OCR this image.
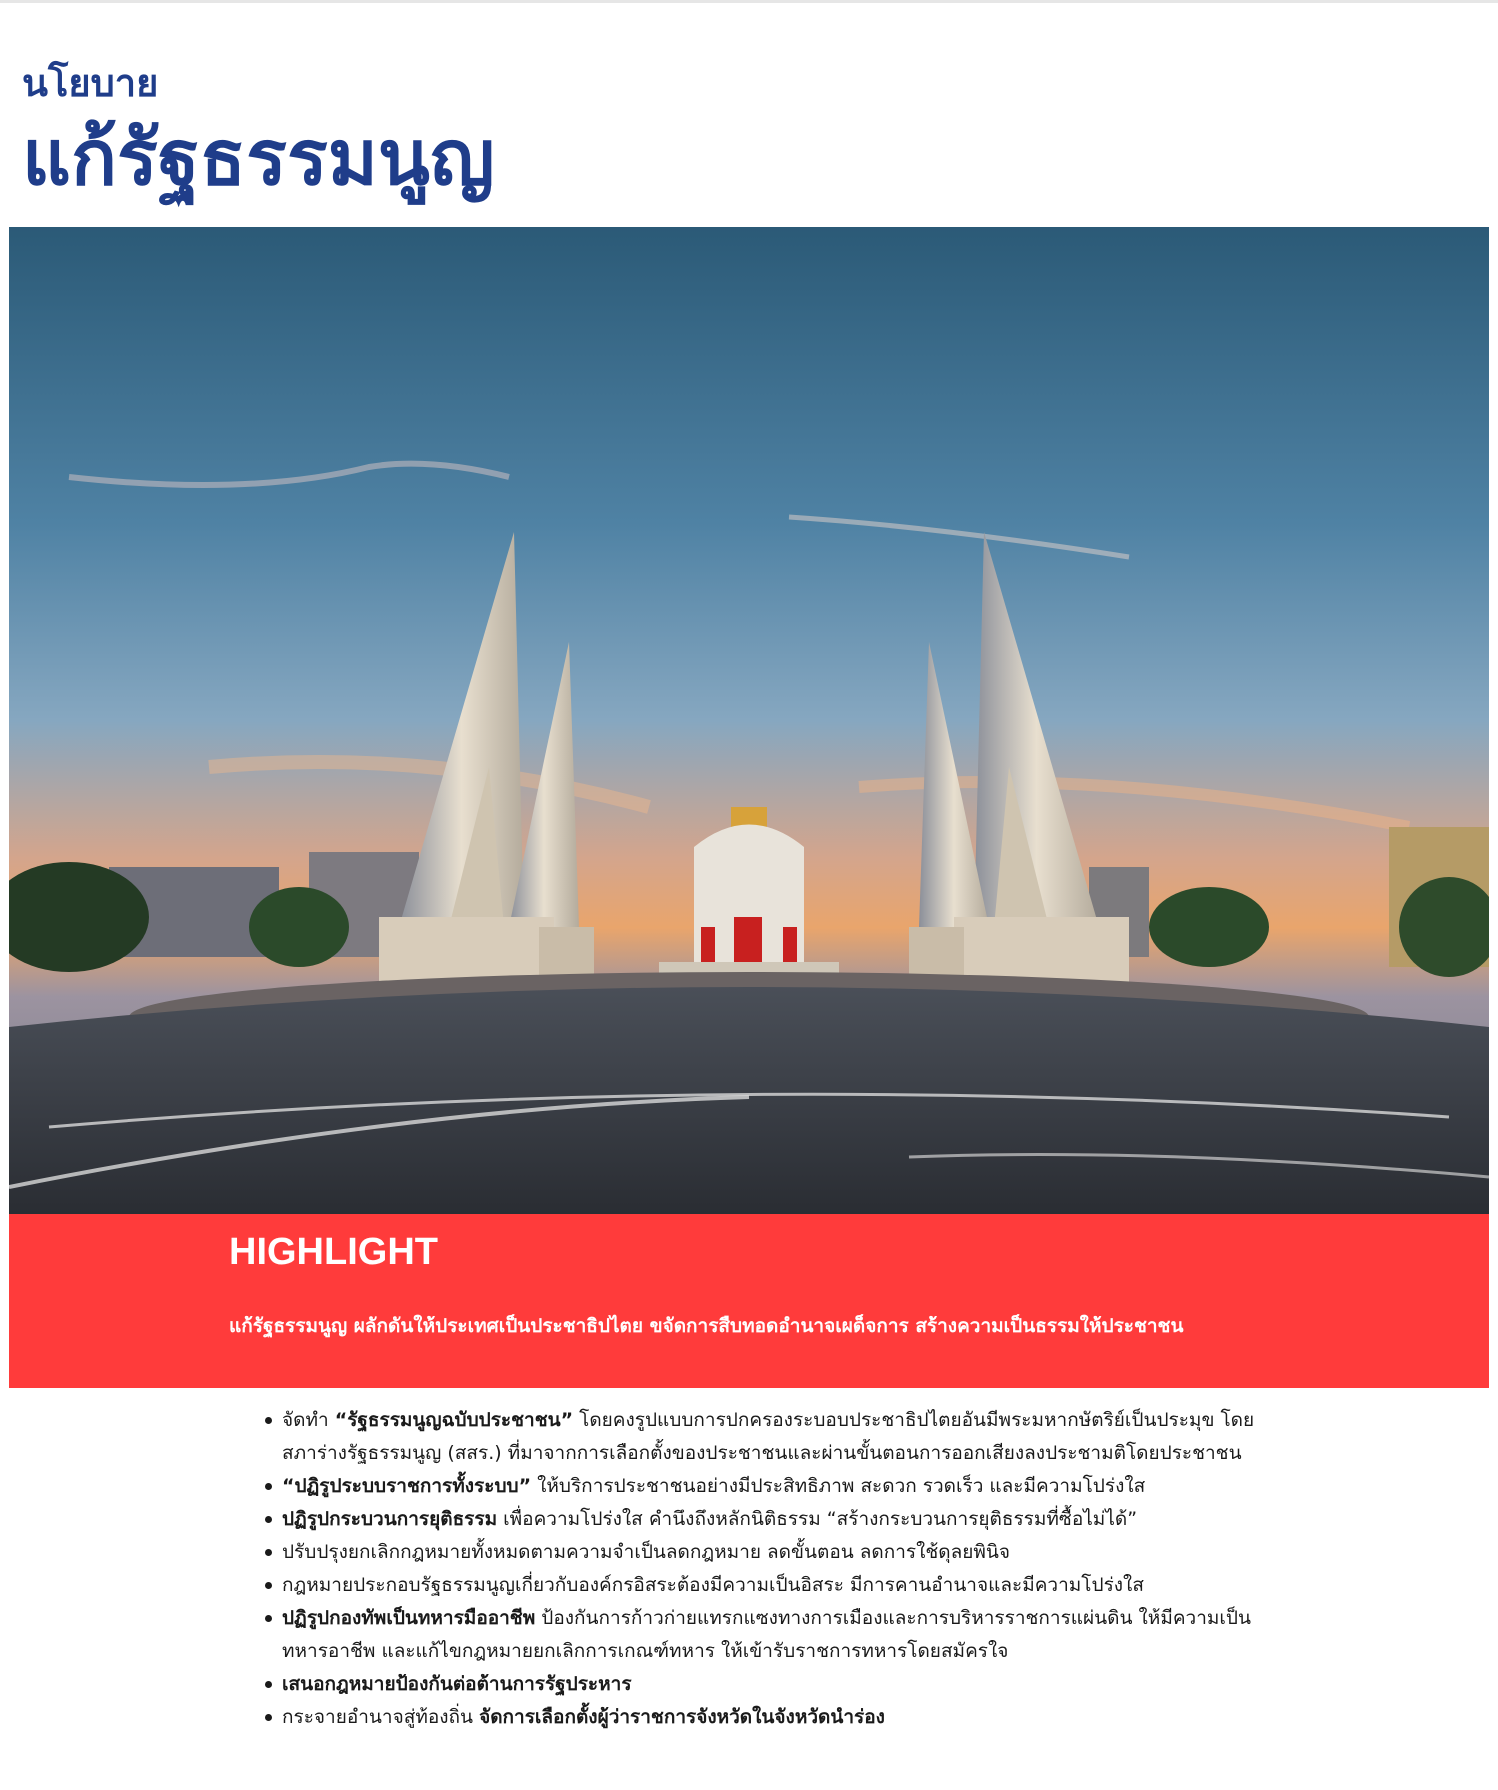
นโยบาย

แก้รัฐธรรมนูญ
HIGHLIGHT

แก้รัฐธรรมนูญ ผลักดันให้ประเทศเป็นประชาธิปไตย ขจัดการสืบทอดอำนาจเผด็จการ สร้างความเป็นธรรมให้ประชาชน

จัดทำ “รัฐธรรมนูญฉบับประชาชน” โดยคงรูปแบบการปกครองระบอบประชาธิปไตยอันมีพระมหากษัตริย์เป็นประมุข โดยสภาร่างรัฐธรรมนูญ (สสร.) ที่มาจากการเลือกตั้งของประชาชนและผ่านขั้นตอนการออกเสียงลงประชามติโดยประชาชน
“ปฏิรูประบบราชการทั้งระบบ” ให้บริการประชาชนอย่างมีประสิทธิภาพ สะดวก รวดเร็ว และมีความโปร่งใส
ปฏิรูปกระบวนการยุติธรรม เพื่อความโปร่งใส คำนึงถึงหลักนิติธรรม “สร้างกระบวนการยุติธรรมที่ซื้อไม่ได้”
ปรับปรุงยกเลิกกฎหมายทั้งหมดตามความจำเป็นลดกฎหมาย ลดขั้นตอน ลดการใช้ดุลยพินิจ
กฎหมายประกอบรัฐธรรมนูญเกี่ยวกับองค์กรอิสระต้องมีความเป็นอิสระ มีการคานอำนาจและมีความโปร่งใส
ปฏิรูปกองทัพเป็นทหารมืออาชีพ ป้องกันการก้าวก่ายแทรกแซงทางการเมืองและการบริหารราชการแผ่นดิน ให้มีความเป็นทหารอาชีพ และแก้ไขกฎหมายยกเลิกการเกณฑ์ทหาร ให้เข้ารับราชการทหารโดยสมัครใจ
เสนอกฎหมายป้องกันต่อต้านการรัฐประหาร
กระจายอำนาจสู่ท้องถิ่น จัดการเลือกตั้งผู้ว่าราชการจังหวัดในจังหวัดนำร่อง
